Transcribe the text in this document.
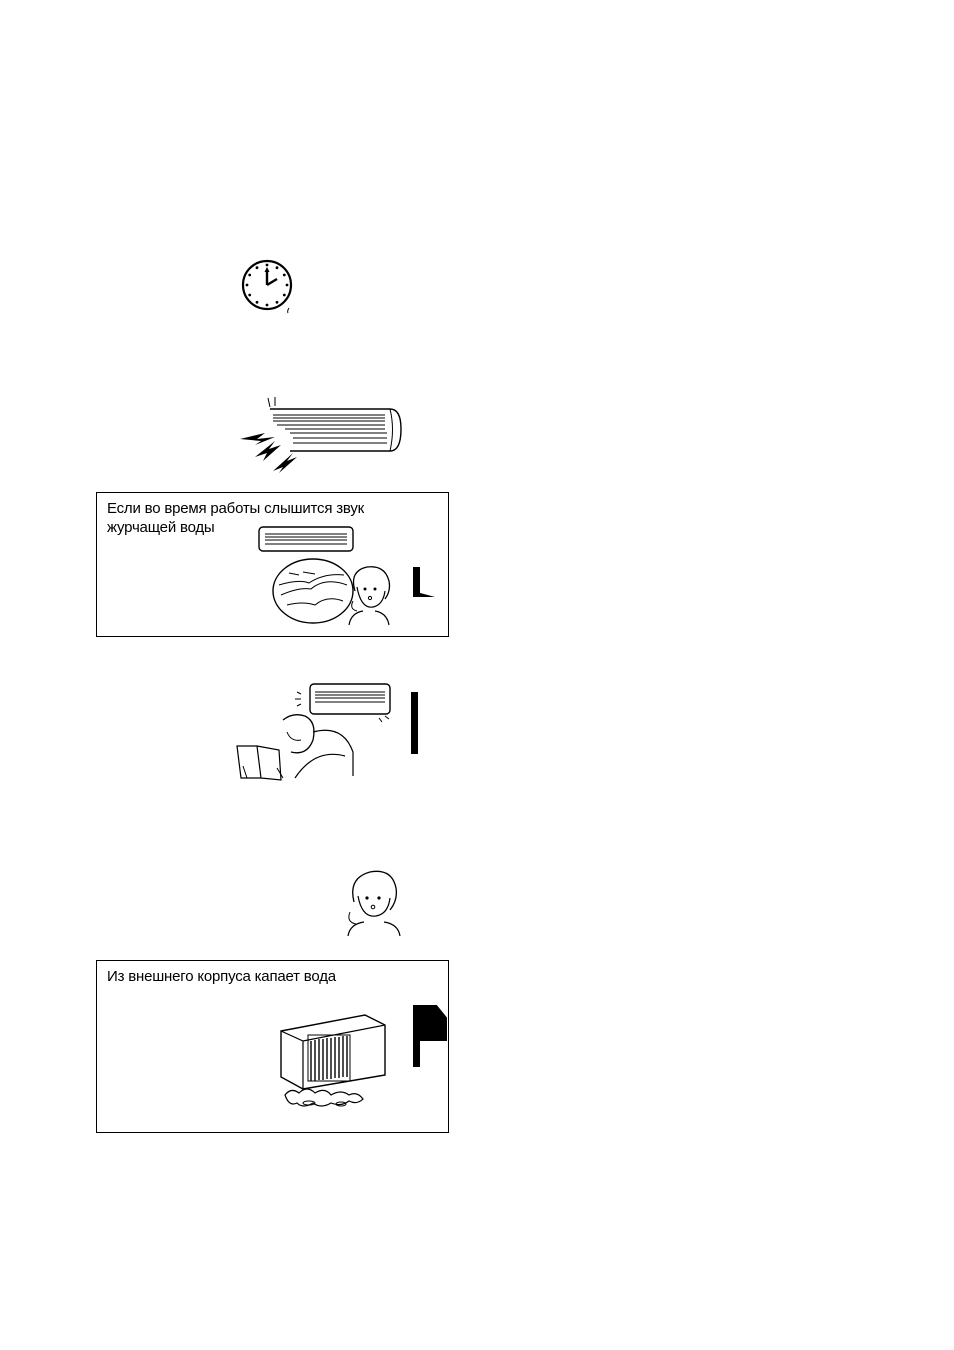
Если во время работы слышится звук
журчащей воды
Из внешнего корпуса капает вода
